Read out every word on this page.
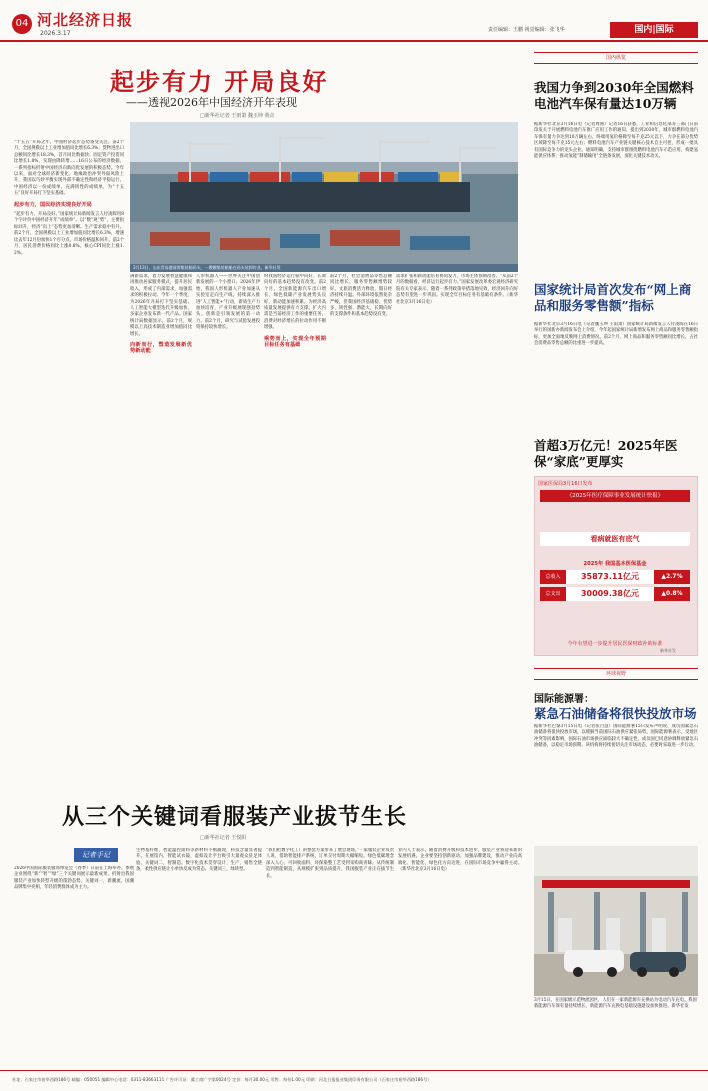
04 河北经济日报
2026.3.17	责任编辑：王鹏 视觉编辑：张飞华	国内|国际
起步有力 开局良好
——透视2026年中国经济开年表现
□新华社记者 王雨萧 魏玉坤 黄垚
3月13日，山东青岛港前湾集装箱码头，一艘艘集装箱船在码头装卸作业。新华社发

“十五五”开局之年，中国经济起步态势备受关注。前2个月，全国规模以上工业增加值同比增长6.3%；货物进出口总额同比增长18.3%，首月同比数据快；固定资产投资同比增长1.8%，实现由降转增……16日公布的经济数据，一系列指标折射中国经济向新向优发展的积极态势。今年以来，面对全球经济新变化，地缘政治冲突外溢风险上升，我国以巧妙平衡实现外部不确定性和经济平稳运行，中国经济以一份成绩单，充满韧性的成绩单，为“十五五”良好开局打下坚实基础。

起步有力，国民经济实现良好开局

“起步有力、开局良好。”国家统计局新闻发言人付凌晖用8个字评价中国经济开年“成绩单”。以“数”观“势”，主要指标回升，经济“向上”态势更加清晰。生产需求稳中有升。前2个月，全国规模以上工业增加值同比增长6.3%，增速比去年12月份加快1个百分点。市场价格温和回升。前2个月，居民消费价格同比上涨0.8%，核心CPI同比上涨1.2%。

满新需求，着力发展智慧健康和再推动居家服务模式，提升居民收入，形成了内部需求，加强需求的积极拉动。今年一个季度，为2026年开局打下坚实基础。人工智能大模型迭代升级加快，多家企业发布新一代产品。国家统计局数据显示，前2个月，规模以上高技术制造业增加值同比增长。

向新而行，塑造发展新优势新动能

人形机器人——世界关注中国创新发展的一个小窗口。2026年伊始，我国人形机器人产业加速从实验室走向生产线。持续深入推进“人工智能+”行动，新质生产力加快培育，产业升级展现强劲势头。创新是引领发展的第一动力。前2个月，研究与试验发展投资保持较快增长。

时我国经济运行稳中向好、长期向好的基本趋势没有改变。前2个月，全国新能源汽车出口增长，绿色低碳产业发展势头良好，新动能加速积累，为经济高质量发展提供有力支撑。扩大内需是当前经济工作的重要任务，消费对经济增长的拉动作用不断增强。

乘势而上，实现全年预期目标任务有基础

前2个月，社会消费品零售总额同比增长，服务零售额增势较好。文旅消费活力释放，假日经济持续升温。外部环境依然复杂严峻，但我国经济基础稳、优势多、韧性强、潜能大，长期向好的支撑条件和基本趋势没有变。

需求扩张和新动能培育协同发力，市场主体预期改善。“从前2个月的数据看，经济运行起步有力。”国家发展改革委宏观经济研究院有关专家表示，随着一系列政策举措落地见效，经济回升向好态势有望进一步巩固。实现全年目标任务有基础有条件。（新华社北京3月16日电）

国内纵览
我国力争到2030年全国燃料电池汽车保有量达10万辆
据新华社北京3月16日电（记者周圆）记者16日获悉，工业和信息化部等三部门日前印发关于开展燃料电池汽车推广应用工作的通知，提出到2030年，城市群燃料电池汽车保有量力争达到10万辆左右，终端用氢价格降至每千克25元以下，力争在部分优势区域降至每千克15元左右；燃料电池汽车产业链关键核心技术自主可控，形成一批具有国际竞争力的龙头企业。通知明确，支持城市群围绕燃料电池汽车示范应用，构建氢能供应体系，推动氢能“制储输用”全链条发展，深化关键技术攻关。
国家统计局首次发布“网上商品和服务零售额”指标
据新华社北京3月16日电（记者魏玉坤 王雨萧）国家统计局新闻发言人付凌晖在16日举行的国新办新闻发布会上介绍，今年起国家统计局新增发布网上商品和服务零售额指标，更加全面地反映网上消费情况。前2个月，网上商品和服务零售额同比增长，占社会消费品零售总额的比重进一步提高。
首超3万亿元！2025年医保“家底”更厚实
国家医保局3月16日发布
《2025年医疗保障事业发展统计快报》
看病就医有底气
2025年 我国基本医保基金
总收入	35873.11亿元	▲2.7%
总支出	30009.38亿元	▲0.8%
今年有望进一步提升居民医保财政补助标准
新华社发
环球视野
国际能源署：
紧急石油储备将很快投放市场
据新华社巴黎3月15日电（记者张百慧）国际能源署15日发布声明说，成员国紧急石油储备将很快投放市场，以缓解当前国际石油供应紧张局势。国际能源署表示，受地区冲突等因素影响，国际石油市场供应面临较大不确定性，成员国已同意协调释放紧急石油储备，以稳定市场预期。该机构将持续密切关注市场动态，必要时采取进一步行动。
3月15日，在国家级示范物流园区，人们在一家新能源车充换站为电动汽车充电。我国新能源汽车保有量持续增长，新能源汽车充换电基础设施建设加快推进。新华社发
从三个关键词看服装产业拔节生长
□新华社记者 王悦阳
记者手记
2026中国国际服装服饰博览会（春季）日前在上海举办。参展企业围绕“新”“智”“绿”三个关键词展示最新成果，折射出我国服装产业加快转型升级的蓬勃态势。关键词一，新潮流。国潮品牌集中亮相，年轻消费群体成为主力。
生物基纤维、智能温控面料等新材料不断涌现，科技含量显著提升。在展馆内，智能试衣镜、虚拟设计平台吸引大量观众驻足体验。关键词二，智制造。数字化技术贯穿设计、生产、销售全链条，柔性供应链让小单快反成为常态。关键词三，绿转型。
“我们把数字化工厂的整套方案带来了展会现场。”一家服装企业负责人说，借助智能排产系统，订单交付周期大幅缩短。绿色低碳理念深入人心，可回收面料、环保染整工艺受到采购商青睐。从传统制造到智能制造，从规模扩张到品质提升，我国服装产业正在拔节生长。
业内人士表示，随着消费升级和技术进步，服装产业将迎来新的发展机遇。企业要坚持创新驱动，加强品牌建设，推动产业向高端化、智能化、绿色化方向迈进，在国际市场竞争中赢得主动。（新华社北京3月16日电）
社址：石家庄市裕华西路186号 邮编：050051 编辑中心电话：0311-83663111 广告许可证：冀工商广字第0024号 定价：每月30.00元 零售：每份1.00元 印刷：河北日报报业集团印务有限公司（石家庄市裕华西路186号）
